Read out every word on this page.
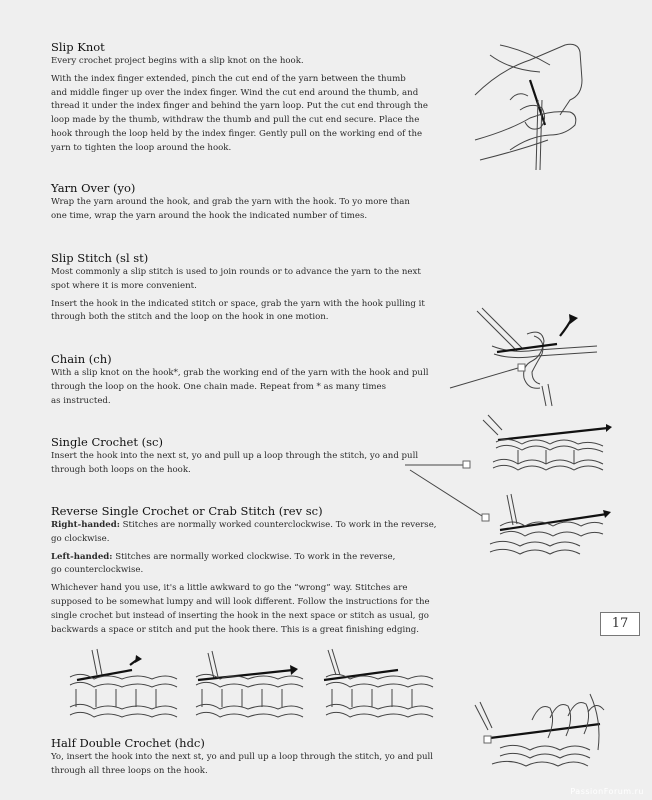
Slip Knot
Every crochet project begins with a slip knot on the hook.
With the index finger extended, pinch the cut end of the yarn between the thumb
and middle finger up over the index finger. Wind the cut end around the thumb, and
thread it under the index finger and behind the yarn loop. Put the cut end through the
loop made by the thumb, withdraw the thumb and pull the cut end secure. Place the
hook through the loop held by the index finger. Gently pull on the working end of the
yarn to tighten the loop around the hook.
Yarn Over (yo)
Wrap the yarn around the hook, and grab the yarn with the hook. To yo more than
one time, wrap the yarn around the hook the indicated number of times.
Slip Stitch (sl st)
Most commonly a slip stitch is used to join rounds or to advance the yarn to the next
spot where it is more convenient.
Insert the hook in the indicated stitch or space, grab the yarn with the hook pulling it
through both the stitch and the loop on the hook in one motion.
Chain (ch)
With a slip knot on the hook*, grab the working end of the yarn with the hook and pull
through the loop on the hook. One chain made. Repeat from * as many times
as instructed.
Single Crochet (sc)
Insert the hook into the next st, yo and pull up a loop through the stitch, yo and pull
through both loops on the hook.
Reverse Single Crochet or Crab Stitch (rev sc)
Right-handed: Stitches are normally worked counterclockwise. To work in the reverse,
go clockwise.
Left-handed: Stitches are normally worked clockwise. To work in the reverse,
go counterclockwise.
Whichever hand you use, it's a little awkward to go the “wrong” way. Stitches are
supposed to be somewhat lumpy and will look different. Follow the instructions for the
single crochet but instead of inserting the hook in the next space or stitch as usual, go
backwards a space or stitch and put the hook there. This is a great finishing edging.
Half Double Crochet (hdc)
Yo, insert the hook into the next st, yo and pull up a loop through the stitch, yo and pull
through all three loops on the hook.
17
PassionForum.ru
